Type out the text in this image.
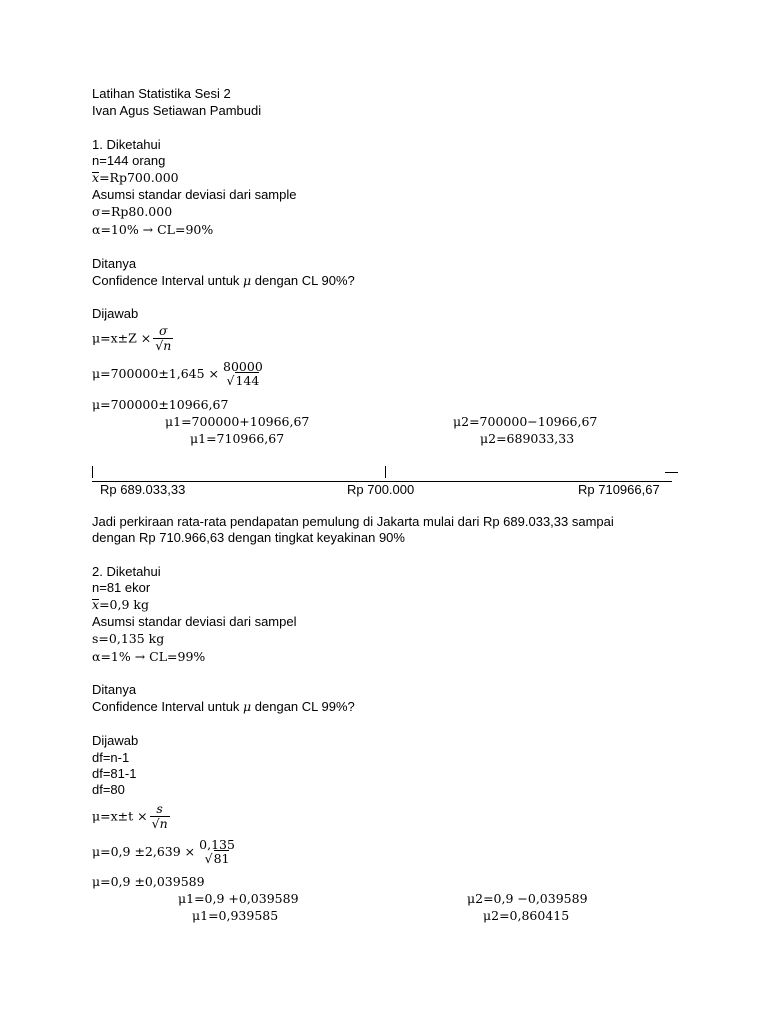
Latihan Statistika Sesi 2
Ivan Agus Setiawan Pambudi
1. Diketahui
n=144 orang
x=Rp700.000
Asumsi standar deviasi dari sample
σ=Rp80.000
α=10% → CL=90%
Ditanya
Confidence Interval untuk μ dengan CL 90%?
Dijawab
$\mu=x\pm Z \times \frac{\sigma}{√n}$
μ=700000±1,645 × 80000
√144
μ=700000±10966,67
μ1=700000+10966,67
μ1=710966,67
μ2=700000−10966,67
μ2=689033,33
Rp 689.033,33	Rp 700.000	Rp 710966,67
Jadi perkiraan rata-rata pendapatan pemulung di Jakarta mulai dari Rp 689.033,33 sampai
dengan Rp 710.966,63 dengan tingkat keyakinan 90%
2. Diketahui
n=81 ekor
x=0,9 kg
Asumsi standar deviasi dari sampel
s=0,135 kg
α=1% → CL=99%
Ditanya
Confidence Interval untuk μ dengan CL 99%?
Dijawab
df=n-1
df=81-1
df=80
$\mu=x\pm t \times \frac{s}{√n}$
μ=0,9 ±2,639 × 0,135
√81
μ=0,9 ±0,039589
μ1=0,9 +0,039589
μ1=0,939585
μ2=0,9 −0,039589
μ2=0,860415
